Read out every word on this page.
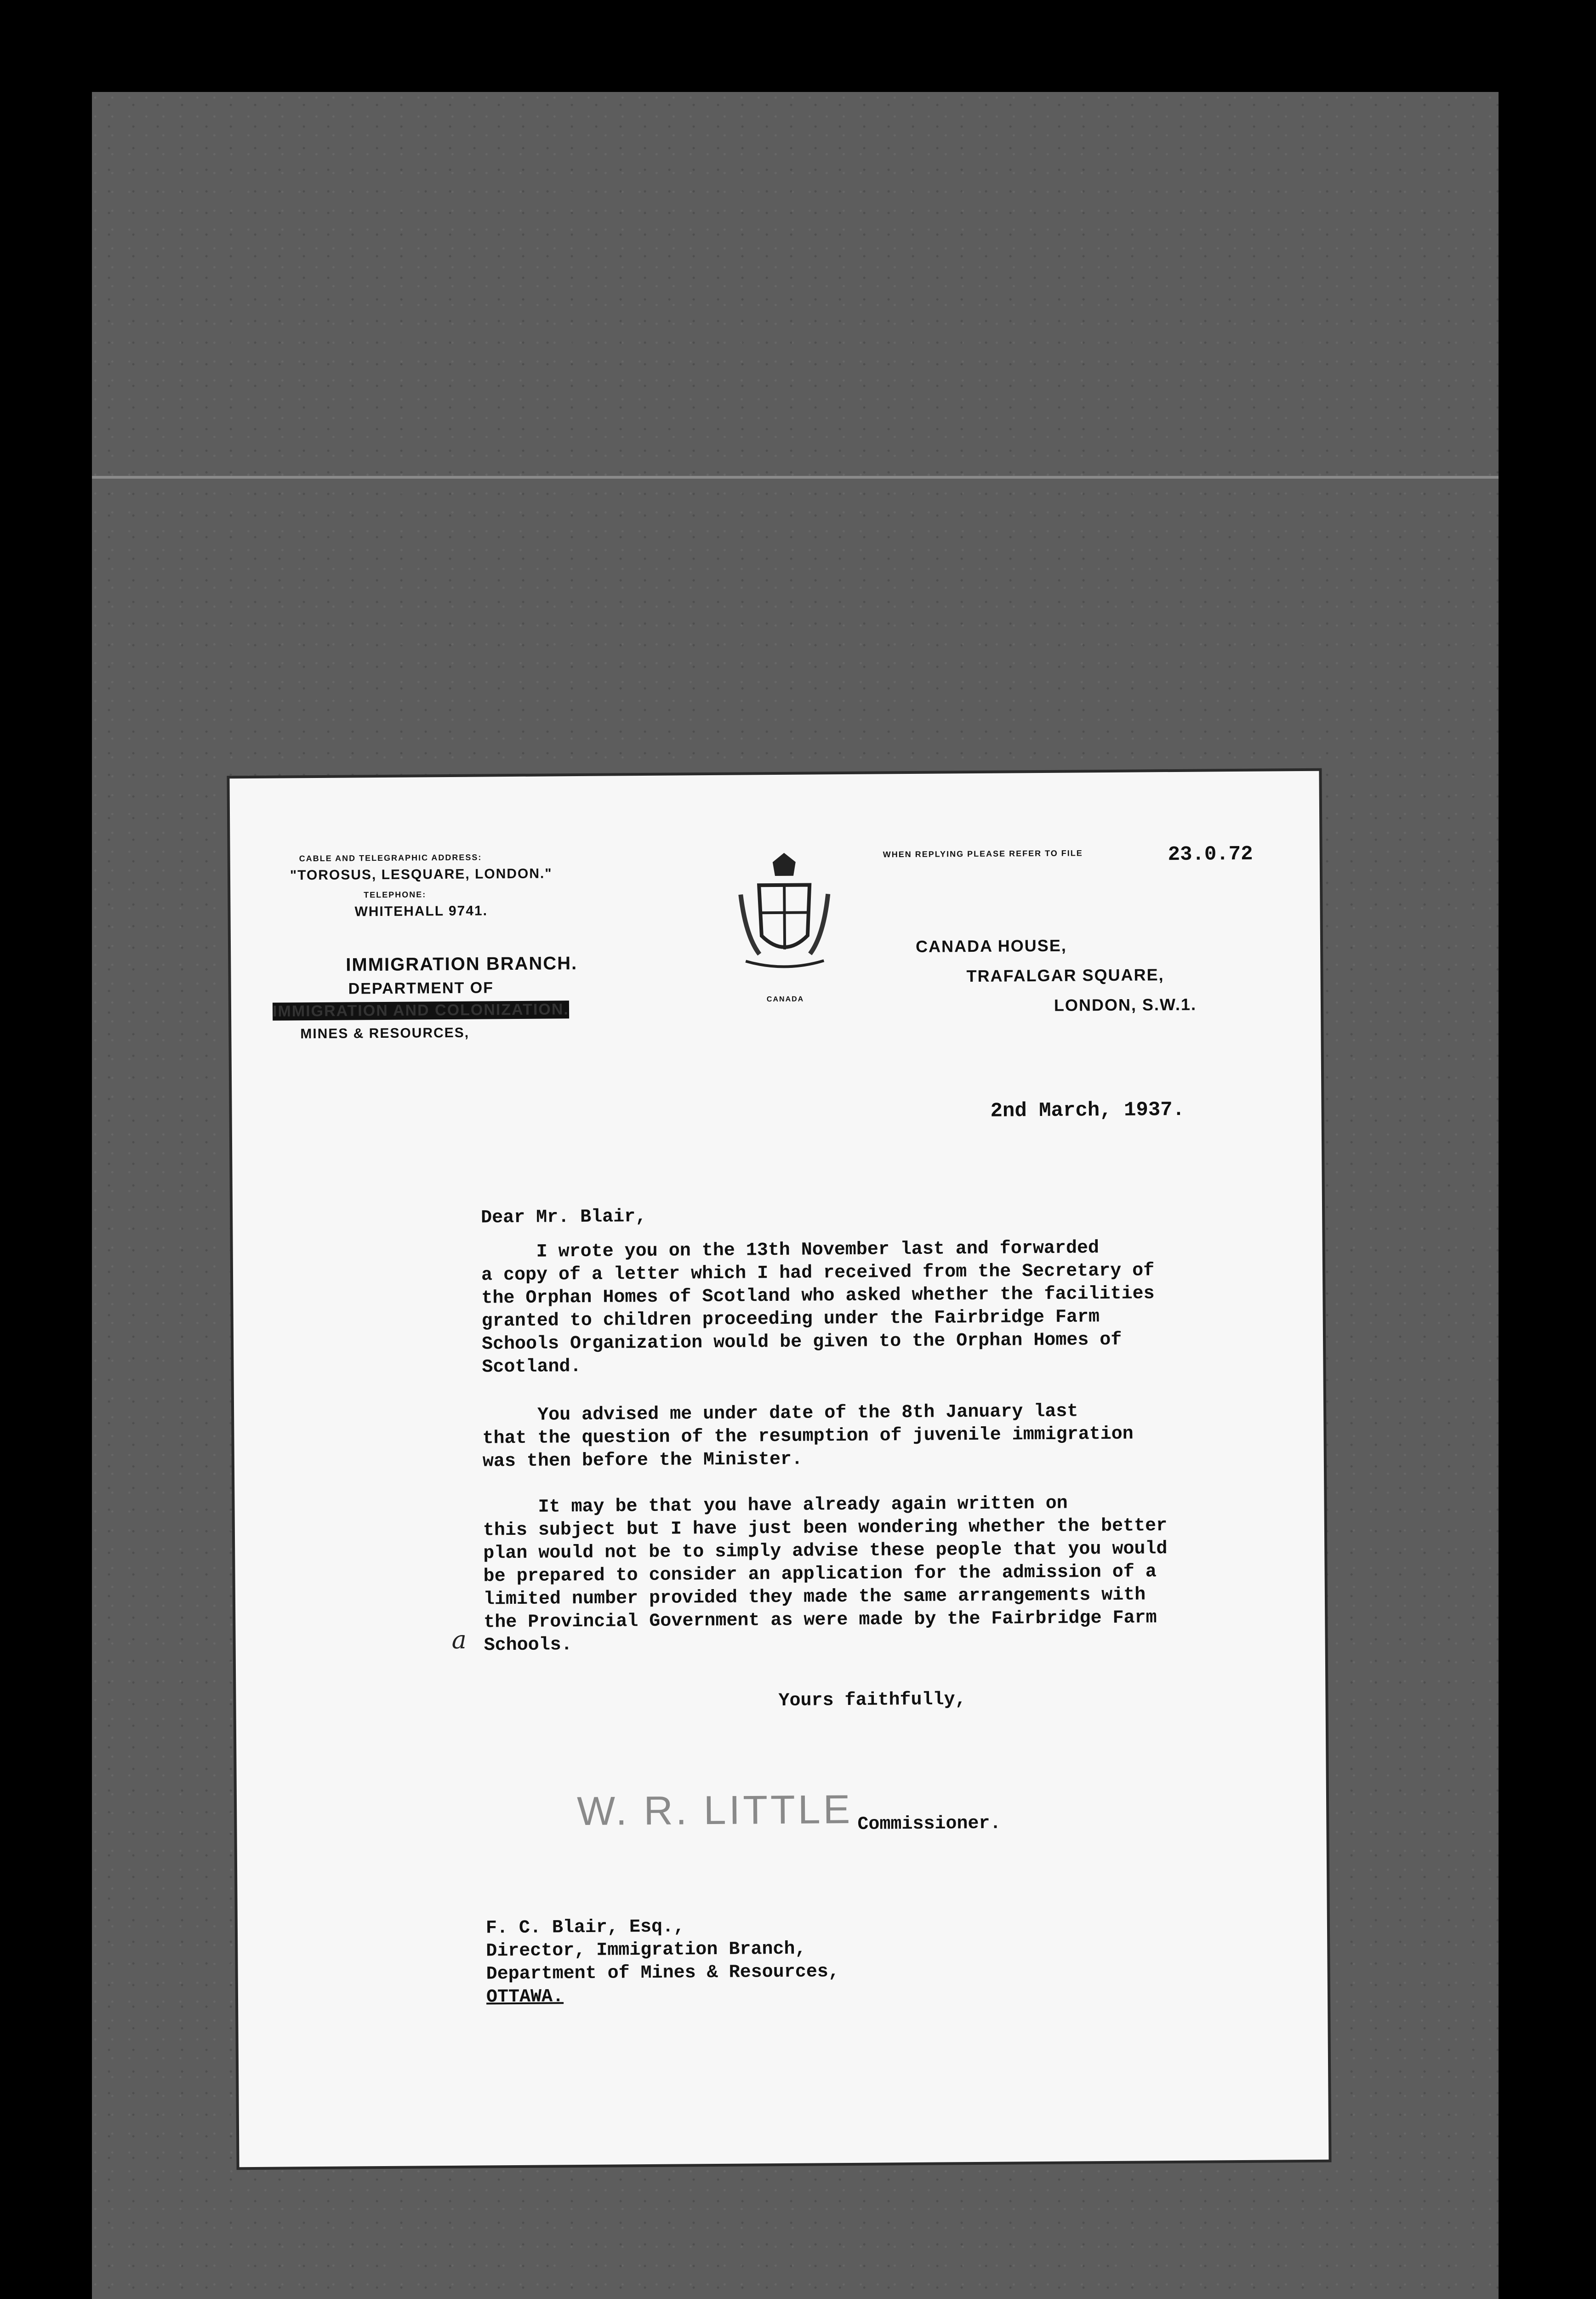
CABLE AND TELEGRAPHIC ADDRESS:
"TOROSUS, LESQUARE, LONDON."
TELEPHONE:
WHITEHALL 9741.
IMMIGRATION BRANCH.
DEPARTMENT OF
IMMIGRATION AND COLONIZATION.
MINES & RESOURCES,
CANADA
WHEN REPLYING PLEASE REFER TO FILE	23.0.72
CANADA HOUSE,
TRAFALGAR SQUARE,
LONDON, S.W.1.
2nd March, 1937.
Dear Mr. Blair,
I wrote you on the 13th November last and forwarded
a copy of a letter which I had received from the Secretary of
the Orphan Homes of Scotland who asked whether the facilities
granted to children proceeding under the Fairbridge Farm
Schools Organization would be given to the Orphan Homes of
Scotland.
You advised me under date of the 8th January last
that the question of the resumption of juvenile immigration
was then before the Minister.
It may be that you have already again written on
this subject but I have just been wondering whether the better
plan would not be to simply advise these people that you would
be prepared to consider an application for the admission of a
limited number provided they made the same arrangements with
the Provincial Government as were made by the Fairbridge Farm
Schools.
a
Yours faithfully,
W. R. LITTLE Commissioner.
F. C. Blair, Esq.,
Director, Immigration Branch,
Department of Mines & Resources,
OTTAWA.
